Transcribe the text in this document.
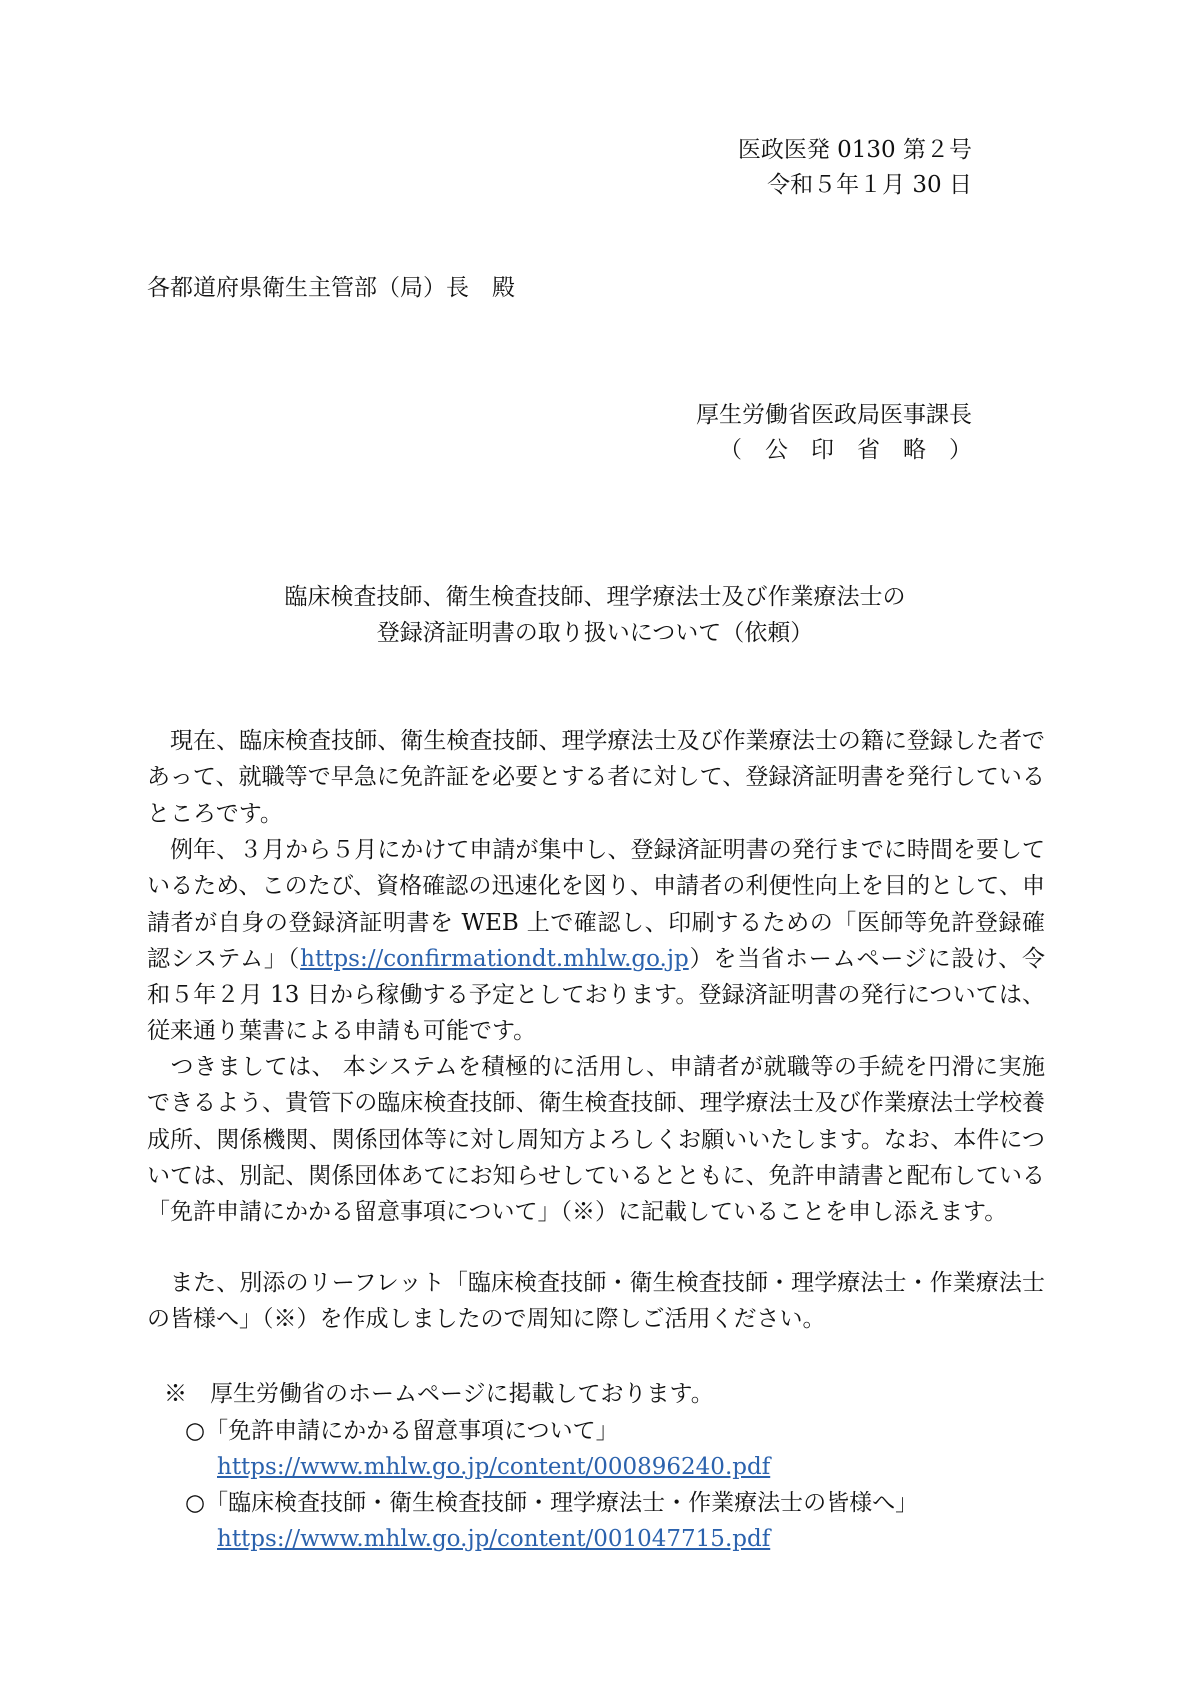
医政医発 0130 第２号
令和５年１月 30 日
各都道府県衛生主管部（局）長　殿
厚生労働省医政局医事課長
（　公　印　省　略　）
臨床検査技師、衛生検査技師、理学療法士及び作業療法士の
登録済証明書の取り扱いについて（依頼）
現在、臨床検査技師、衛生検査技師、理学療法士及び作業療法士の籍に登録した者であって、就職等で早急に免許証を必要とする者に対して、登録済証明書を発行しているところです。
例年、３月から５月にかけて申請が集中し、登録済証明書の発行までに時間を要しているため、このたび、資格確認の迅速化を図り、申請者の利便性向上を目的として、申請者が自身の登録済証明書を WEB 上で確認し、印刷するための「医師等免許登録確認システム」（https://confirmationdt.mhlw.go.jp）を当省ホームページに設け、令和５年２月 13 日から稼働する予定としております。登録済証明書の発行については、従来通り葉書による申請も可能です。
つきましては、 本システムを積極的に活用し、申請者が就職等の手続を円滑に実施できるよう、貴管下の臨床検査技師、衛生検査技師、理学療法士及び作業療法士学校養成所、関係機関、関係団体等に対し周知方よろしくお願いいたします。なお、本件については、別記、関係団体あてにお知らせしているとともに、免許申請書と配布している「免許申請にかかる留意事項について」（※）に記載していることを申し添えます。
また、別添のリーフレット「臨床検査技師・衛生検査技師・理学療法士・作業療法士の皆様へ」（※）を作成しましたので周知に際しご活用ください。
※　厚生労働省のホームページに掲載しております。
○「免許申請にかかる留意事項について」
https://www.mhlw.go.jp/content/000896240.pdf
○「臨床検査技師・衛生検査技師・理学療法士・作業療法士の皆様へ」
https://www.mhlw.go.jp/content/001047715.pdf
